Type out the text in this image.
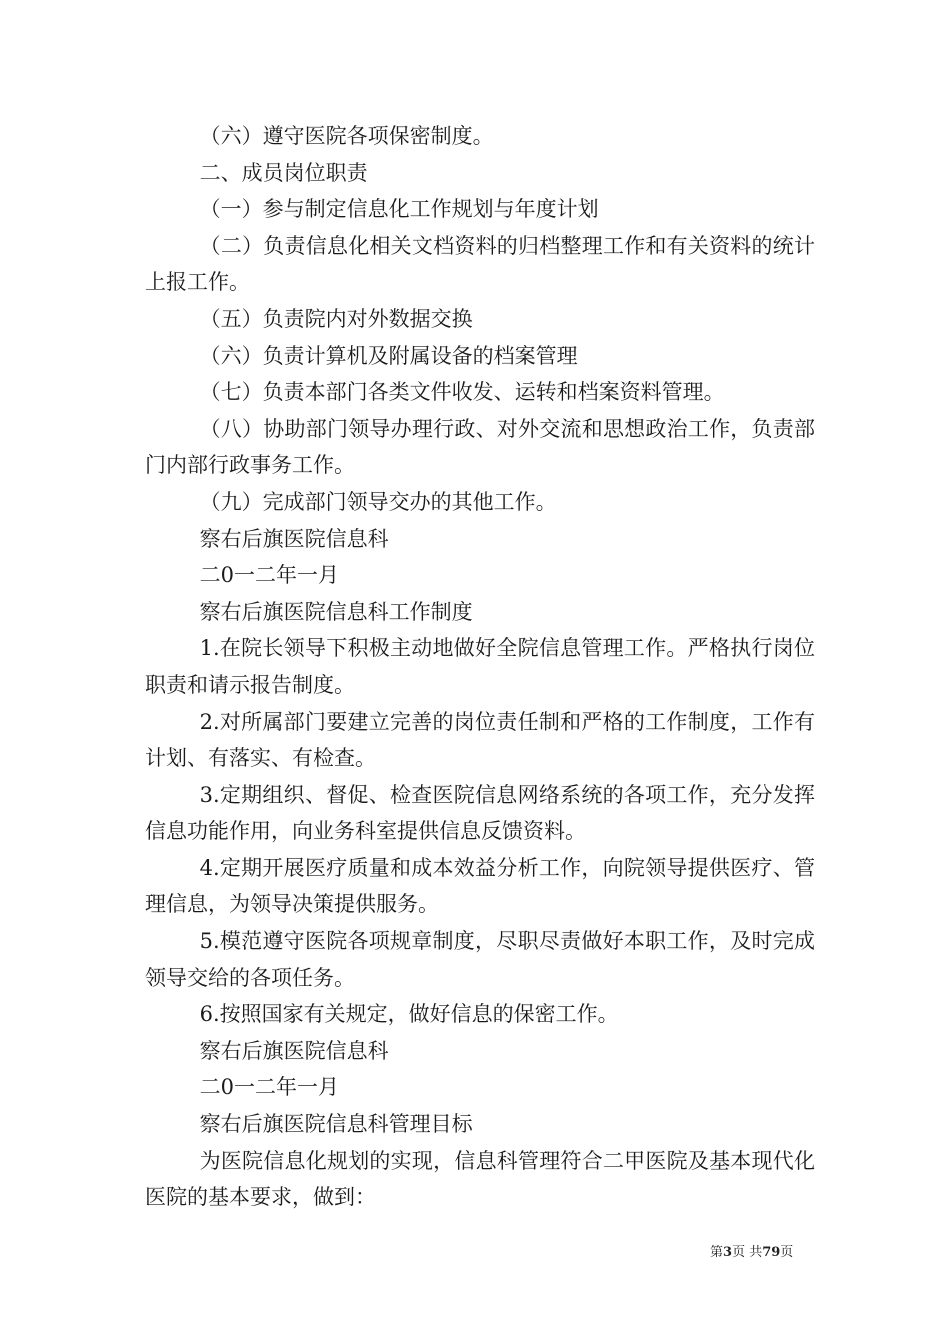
（六）遵守医院各项保密制度。

二、成员岗位职责

（一）参与制定信息化工作规划与年度计划

（二）负责信息化相关文档资料的归档整理工作和有关资料的统计上报工作。

（五）负责院内对外数据交换

（六）负责计算机及附属设备的档案管理

（七）负责本部门各类文件收发、运转和档案资料管理。

（八）协助部门领导办理行政、对外交流和思想政治工作，负责部门内部行政事务工作。

（九）完成部门领导交办的其他工作。

察右后旗医院信息科

二0一二年一月

察右后旗医院信息科工作制度

1.在院长领导下积极主动地做好全院信息管理工作。严格执行岗位职责和请示报告制度。

2.对所属部门要建立完善的岗位责任制和严格的工作制度，工作有计划、有落实、有检查。

3.定期组织、督促、检查医院信息网络系统的各项工作，充分发挥信息功能作用，向业务科室提供信息反馈资料。

4.定期开展医疗质量和成本效益分析工作，向院领导提供医疗、管理信息，为领导决策提供服务。

5.模范遵守医院各项规章制度，尽职尽责做好本职工作，及时完成领导交给的各项任务。

6.按照国家有关规定，做好信息的保密工作。

察右后旗医院信息科

二0一二年一月

察右后旗医院信息科管理目标

为医院信息化规划的实现，信息科管理符合二甲医院及基本现代化医院的基本要求，做到：

第3页 共79页
